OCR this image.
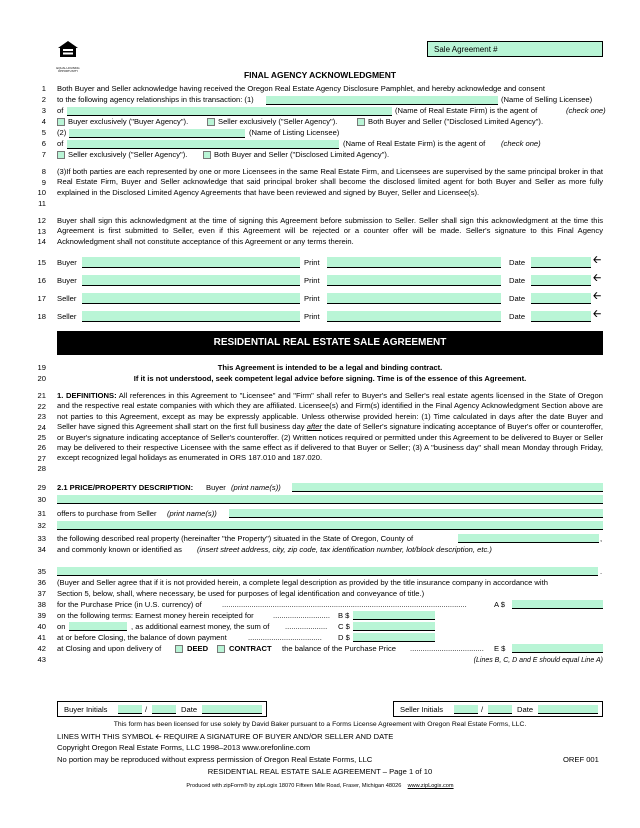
EQUAL HOUSING OPPORTUNITY
Sale Agreement #
FINAL AGENCY ACKNOWLEDGMENT
1
2
3
4
5
6
7
8
9
10
11
12
13
14
Both Buyer and Seller acknowledge having received the Oregon Real Estate Agency Disclosure Pamphlet, and hereby acknowledge and consent
to the following agency relationships in this transaction: (1)	(Name of Selling Licensee)
of	(Name of Real Estate Firm) is the agent of	(check one)
Buyer exclusively ("Buyer Agency").	Seller exclusively ("Seller Agency").	Both Buyer and Seller ("Disclosed Limited Agency").
(2)	(Name of Listing Licensee)
of	(Name of Real Estate Firm) is the agent of (check one)
Seller exclusively ("Seller Agency").	Both Buyer and Seller ("Disclosed Limited Agency").
(3)If both parties are each represented by one or more Licensees in the same Real Estate Firm, and Licensees are supervised by the same principal broker in that Real Estate Firm, Buyer and Seller acknowledge that said principal broker shall become the disclosed limited agent for both Buyer and Seller as more fully explained in the Disclosed Limited Agency Agreements that have been reviewed and signed by Buyer, Seller and Licensee(s).
Buyer shall sign this acknowledgment at the time of signing this Agreement before submission to Seller. Seller shall sign this acknowledgment at the time this Agreement is first submitted to Seller, even if this Agreement will be rejected or a counter offer will be made. Seller's signature to this Final Agency Acknowledgment shall not constitute acceptance of this Agreement or any terms therein.
15 Buyer	Print	Date	🡠
16 Buyer	Print	Date	🡠
17 Seller	Print	Date	🡠
18 Seller	Print	Date	🡠
RESIDENTIAL REAL ESTATE SALE AGREEMENT
19
20
This Agreement is intended to be a legal and binding contract.
If it is not understood, seek competent legal advice before signing. Time is of the essence of this Agreement.
21
22
23
24
25
26
27
28
1. DEFINITIONS: All references in this Agreement to "Licensee" and "Firm" shall refer to Buyer's and Seller's real estate agents licensed in the State of Oregon and the respective real estate companies with which they are affiliated. Licensee(s) and Firm(s) identified in the Final Agency Acknowledgment Section above are not parties to this Agreement, except as may be expressly applicable. Unless otherwise provided herein: (1) Time calculated in days after the date Buyer and Seller have signed this Agreement shall start on the first full business day after the date of Seller's signature indicating acceptance of Buyer's offer or counteroffer, or Buyer's signature indicating acceptance of Seller's counteroffer. (2) Written notices required or permitted under this Agreement to be delivered to Buyer or Seller may be delivered to their respective Licensee with the same effect as if delivered to that Buyer or Seller; (3) A "business day" shall mean Monday through Friday, except recognized legal holidays as enumerated in ORS 187.010 and 187.020.
29 2.1 PRICE/PROPERTY DESCRIPTION: Buyer (print name(s))
30
31 offers to purchase from Seller (print name(s))
32
33 the following described real property (hereinafter "the Property") situated in the State of Oregon, County of	,
34 and commonly known or identified as (insert street address, city, zip code, tax identification number, lot/block description, etc.)
35	.
36
37
(Buyer and Seller agree that if it is not provided herein, a complete legal description as provided by the title insurance company in accordance with
Section 5, below, shall, where necessary, be used for purposes of legal identification and conveyance of title.)
38 for the Purchase Price (in U.S. currency) of	....................................................................................................................	A $
39 on the following terms: Earnest money herein receipted for	...........................	B $
40 on	, as additional earnest money, the sum of ....................	C $
41 at or before Closing, the balance of down payment	...................................	D $
42 at Closing and upon delivery of	DEED	CONTRACT the balance of the Purchase Price ...................................	E $
43	(Lines B, C, D and E should equal Line A)
Buyer Initials	/	Date	Seller Initials	/	Date
This form has been licensed for use solely by David Baker pursuant to a Forms License Agreement with Oregon Real Estate Forms, LLC.
LINES WITH THIS SYMBOL 🡠 REQUIRE A SIGNATURE OF BUYER AND/OR SELLER AND DATE
Copyright Oregon Real Estate Forms, LLC 1998–2013 www.orefonline.com
No portion may be reproduced without express permission of Oregon Real Estate Forms, LLC	OREF 001
RESIDENTIAL REAL ESTATE SALE AGREEMENT – Page 1 of 10
Produced with zipForm® by zipLogix 18070 Fifteen Mile Road, Fraser, Michigan 48026 www.zipLogix.com
